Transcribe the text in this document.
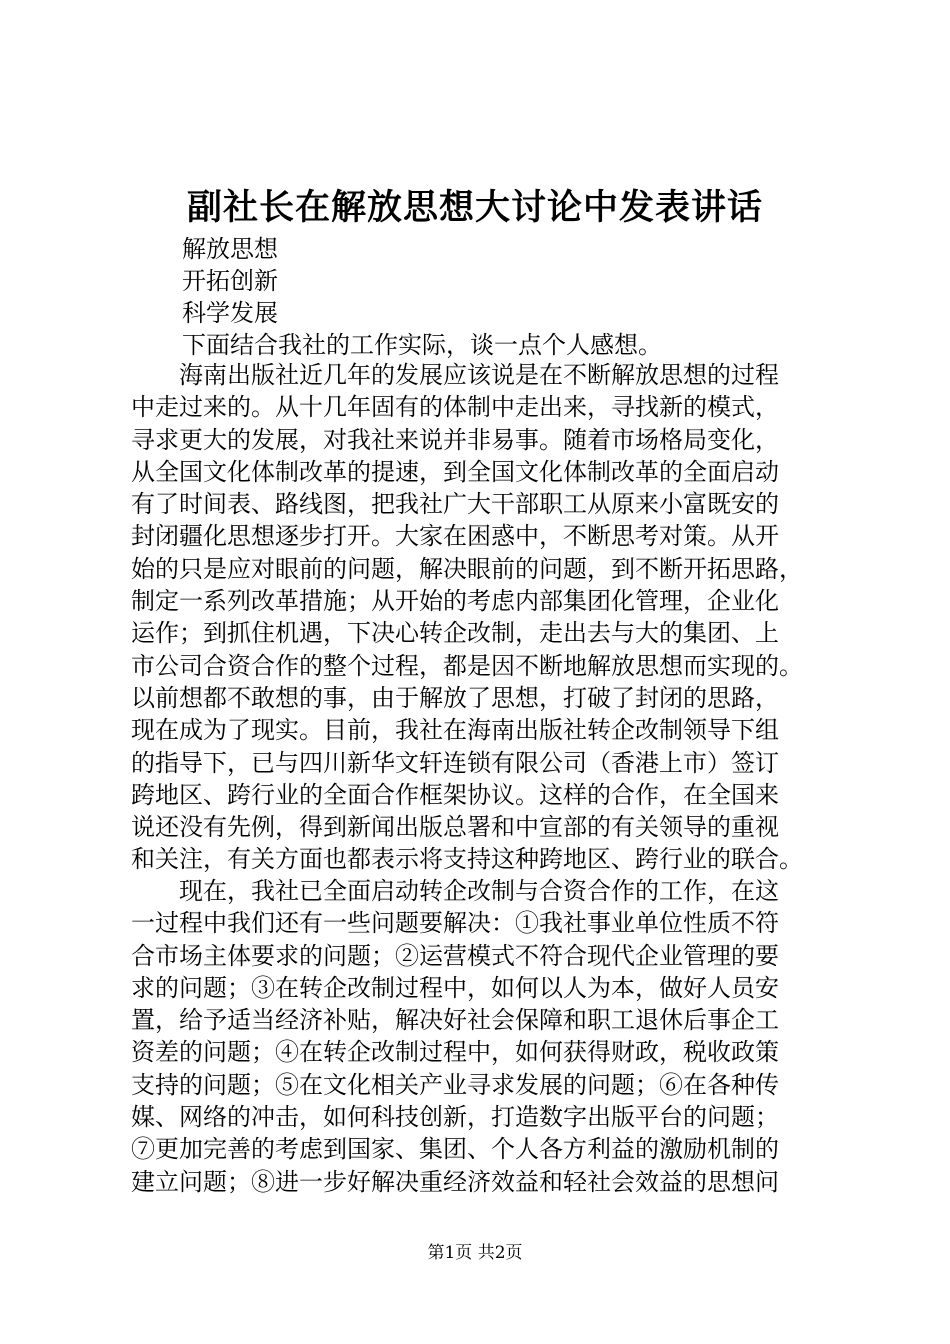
副社长在解放思想大讨论中发表讲话
解放思想
开拓创新
科学发展
下面结合我社的工作实际，谈一点个人感想。
　　海南出版社近几年的发展应该说是在不断解放思想的过程
中走过来的。从十几年固有的体制中走出来，寻找新的模式，
寻求更大的发展，对我社来说并非易事。随着市场格局变化，
从全国文化体制改革的提速，到全国文化体制改革的全面启动
有了时间表、路线图，把我社广大干部职工从原来小富既安的
封闭疆化思想逐步打开。大家在困惑中，不断思考对策。从开
始的只是应对眼前的问题，解决眼前的问题，到不断开拓思路，
制定一系列改革措施；从开始的考虑内部集团化管理，企业化
运作；到抓住机遇，下决心转企改制，走出去与大的集团、上
市公司合资合作的整个过程，都是因不断地解放思想而实现的。
以前想都不敢想的事，由于解放了思想，打破了封闭的思路，
现在成为了现实。目前，我社在海南出版社转企改制领导下组
的指导下，已与四川新华文轩连锁有限公司（香港上市）签订
跨地区、跨行业的全面合作框架协议。这样的合作，在全国来
说还没有先例，得到新闻出版总署和中宣部的有关领导的重视
和关注，有关方面也都表示将支持这种跨地区、跨行业的联合。
　　现在，我社已全面启动转企改制与合资合作的工作，在这
一过程中我们还有一些问题要解决：①我社事业单位性质不符
合市场主体要求的问题；②运营模式不符合现代企业管理的要
求的问题；③在转企改制过程中，如何以人为本，做好人员安
置，给予适当经济补贴，解决好社会保障和职工退休后事企工
资差的问题；④在转企改制过程中，如何获得财政，税收政策
支持的问题；⑤在文化相关产业寻求发展的问题；⑥在各种传
媒、网络的冲击，如何科技创新，打造数字出版平台的问题；
⑦更加完善的考虑到国家、集团、个人各方利益的激励机制的
建立问题；⑧进一步好解决重经济效益和轻社会效益的思想问
第1页 共2页
